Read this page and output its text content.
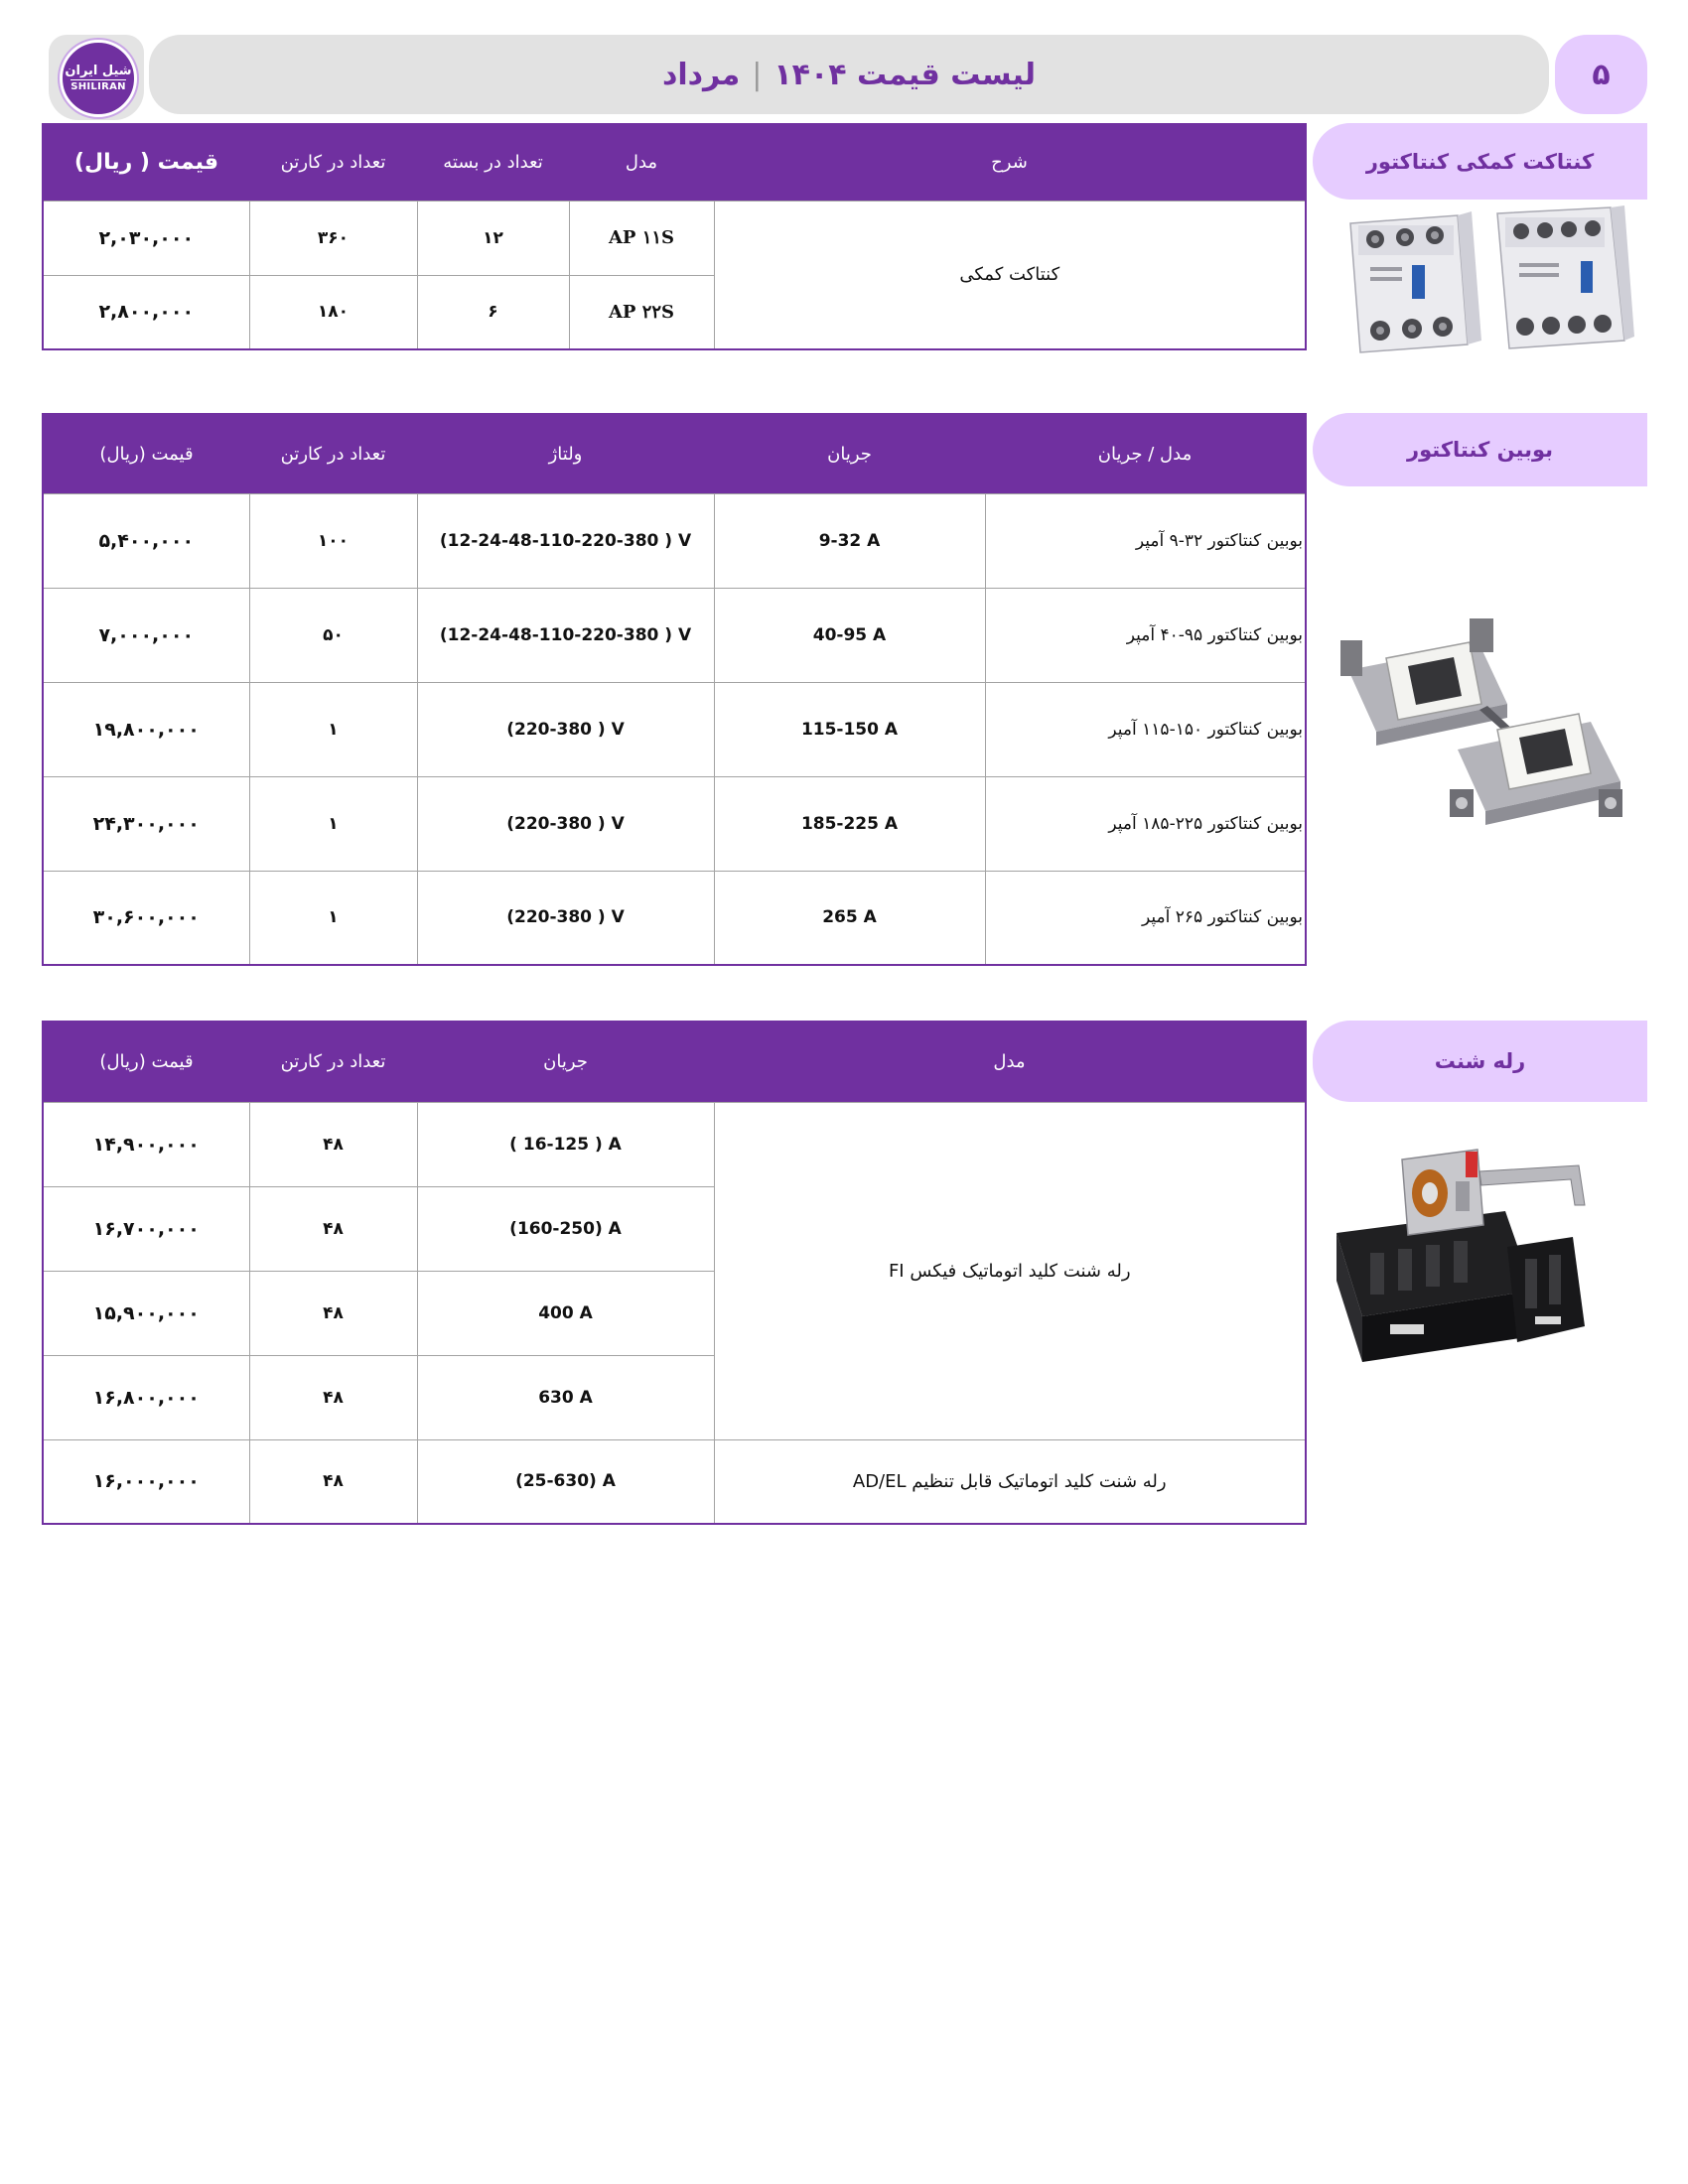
شیل ایران
SHILIRAN	لیست قیمت ۱۴۰۴
|
مرداد	۵
شرح	مدل	تعداد در بسته	تعداد در کارتن	قیمت ( ریال)
کنتاکت کمکی	AP ۱۱S	۱۲	۳۶۰	۲,۰۳۰,۰۰۰
	AP ۲۲S	۶	۱۸۰	۲,۸۰۰,۰۰۰
کنتاکت کمکی کنتاکتور
مدل / جریان	جریان	ولتاژ	تعداد در کارتن	قیمت (ریال)
بوبین کنتاکتور ۳۲-۹ آمپر	9-32 A	(12-24-48-110-220-380 ) V	۱۰۰	۵,۴۰۰,۰۰۰
بوبین کنتاکتور ۹۵-۴۰ آمپر	40-95 A	(12-24-48-110-220-380 ) V	۵۰	۷,۰۰۰,۰۰۰
بوبین کنتاکتور ۱۵۰-۱۱۵ آمپر	115-150 A	(220-380 ) V	۱	۱۹,۸۰۰,۰۰۰
بوبین کنتاکتور ۲۲۵-۱۸۵ آمپر	185-225 A	(220-380 ) V	۱	۲۴,۳۰۰,۰۰۰
بوبین کنتاکتور ۲۶۵ آمپر	265 A	(220-380 ) V	۱	۳۰,۶۰۰,۰۰۰
بوبین کنتاکتور
مدل	جریان	تعداد در کارتن	قیمت (ریال)
رله شنت کلید اتوماتیک فیکس FI	( 16-125 ) A	۴۸	۱۴,۹۰۰,۰۰۰
	(160-250) A	۴۸	۱۶,۷۰۰,۰۰۰
	400 A	۴۸	۱۵,۹۰۰,۰۰۰
	630 A	۴۸	۱۶,۸۰۰,۰۰۰
رله شنت کلید اتوماتیک قابل تنظیم AD/EL	(25-630) A	۴۸	۱۶,۰۰۰,۰۰۰
رله شنت
